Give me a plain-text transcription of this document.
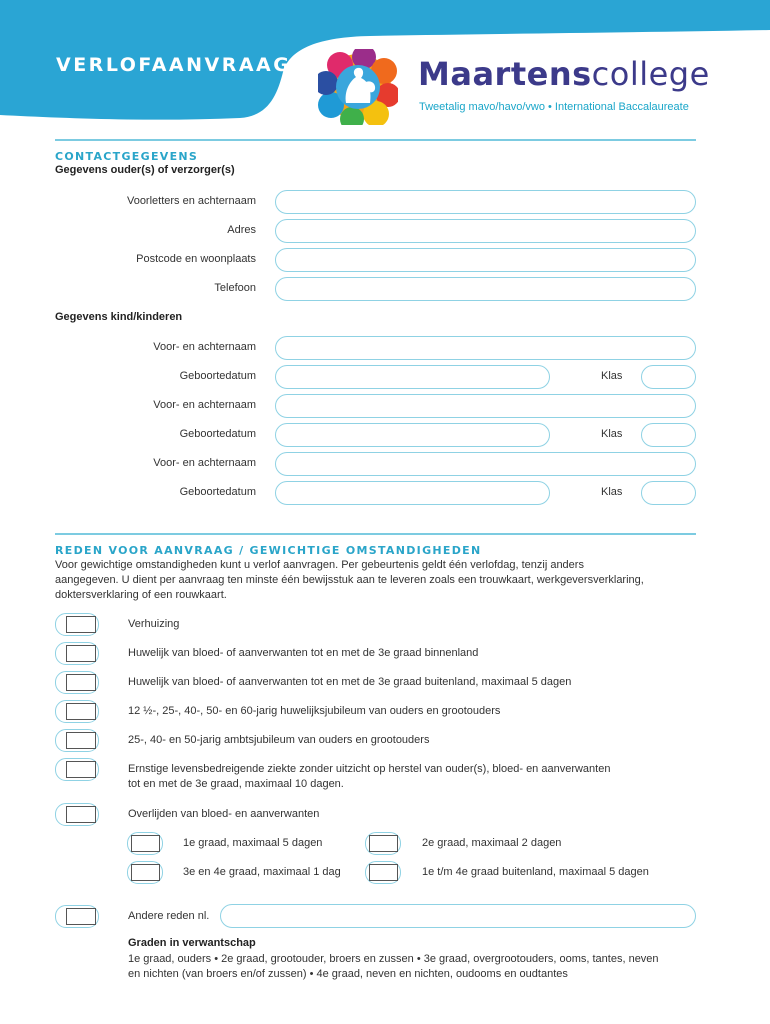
VERLOFAANVRAAG	Maartenscollege
Tweetalig mavo/havo/vwo • International Baccalaureate
CONTACTGEGEVENS
Gegevens ouder(s) of verzorger(s)
Voorletters en achternaam
Adres
Postcode en woonplaats
Telefoon
Gegevens kind/kinderen
Voor- en achternaam
Geboortedatum	Klas
Voor- en achternaam
Geboortedatum	Klas
Voor- en achternaam
Geboortedatum	Klas
REDEN VOOR AANVRAAG / GEWICHTIGE OMSTANDIGHEDEN
Voor gewichtige omstandigheden kunt u verlof aanvragen. Per gebeurtenis geldt één verlofdag, tenzij anders
aangegeven. U dient per aanvraag ten minste één bewijsstuk aan te leveren zoals een trouwkaart, werkgeversverklaring,
doktersverklaring of een rouwkaart.
Verhuizing
Huwelijk van bloed- of aanverwanten tot en met de 3e graad binnenland
Huwelijk van bloed- of aanverwanten tot en met de 3e graad buitenland, maximaal 5 dagen
12 ½-, 25-, 40-, 50- en 60-jarig huwelijksjubileum van ouders en grootouders
25-, 40- en 50-jarig ambtsjubileum van ouders en grootouders
Ernstige levensbedreigende ziekte zonder uitzicht op herstel van ouder(s), bloed- en aanverwanten
tot en met de 3e graad, maximaal 10 dagen.
Overlijden van bloed- en aanverwanten
1e graad, maximaal 5 dagen	2e graad, maximaal 2 dagen
3e en 4e graad, maximaal 1 dag	1e t/m 4e graad buitenland, maximaal 5 dagen
Andere reden nl.
Graden in verwantschap
1e graad, ouders • 2e graad, grootouder, broers en zussen • 3e graad, overgrootouders, ooms, tantes, neven
en nichten (van broers en/of zussen) • 4e graad, neven en nichten, oudooms en oudtantes
